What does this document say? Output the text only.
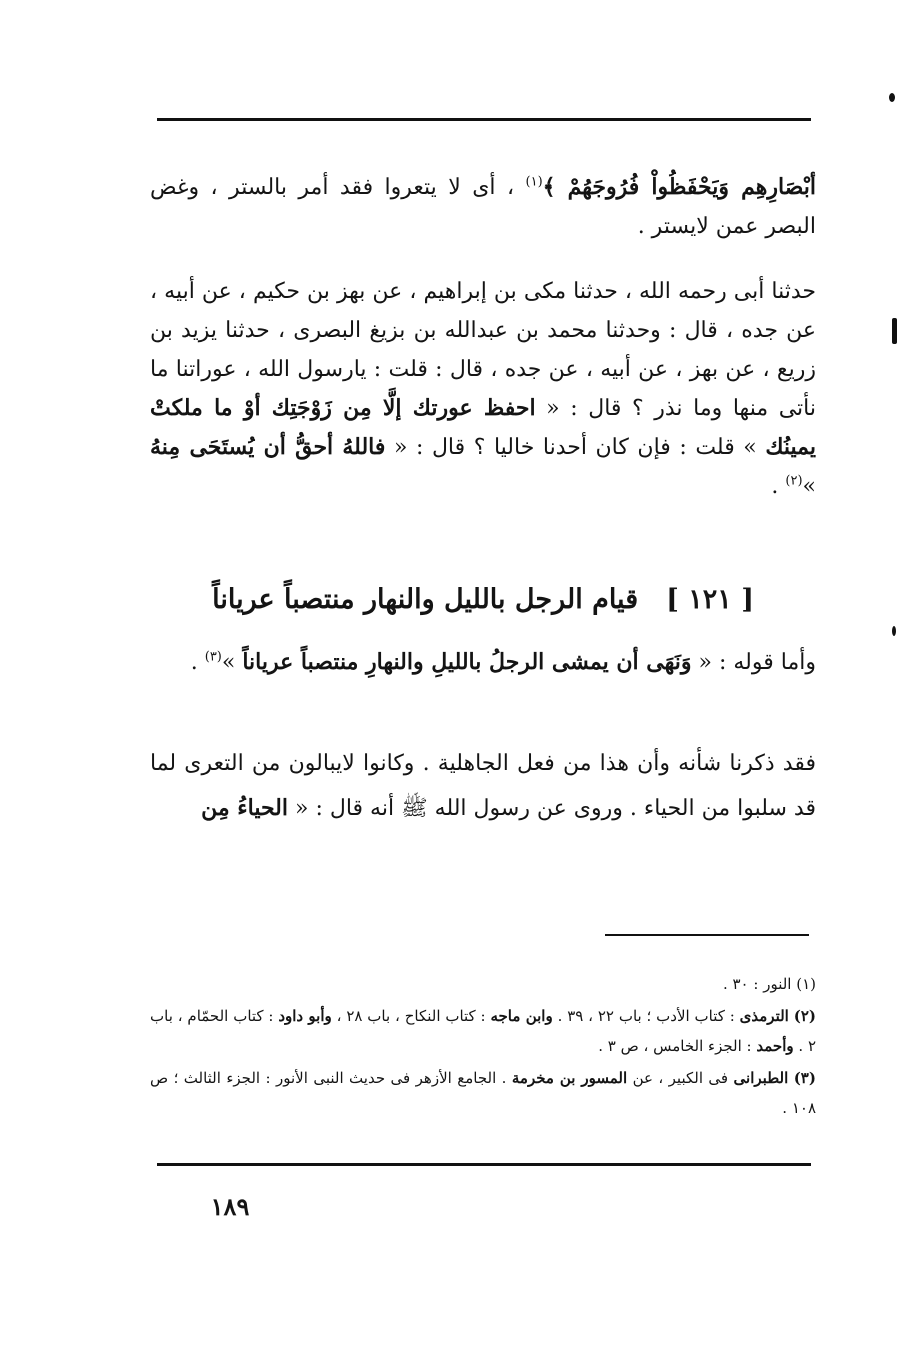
أبْصَارِهِم وَيَحْفَظُواْ فُرُوجَهُمْ ﴾$^{(١)}$ ، أى لا يتعروا فقد أمر بالستر ، وغض البصر عمن لايستر .

حدثنا أبى رحمه الله ، حدثنا مكى بن إبراهيم ، عن بهز بن حكيم ، عن أبيه ، عن جده ، قال : وحدثنا محمد بن عبدالله بن بزيغ البصرى ، حدثنا يزيد بن زريع ، عن بهز ، عن أبيه ، عن جده ، قال : قلت : يارسول الله ، عوراتنا ما نأتى منها وما نذر ؟ قال : « احفظ عورتك إلَّا مِن زَوْجَتِك أوْ ما ملكتْ يمينُك » قلت : فإن كان أحدنا خاليا ؟ قال : « فاللهُ أحقُّ أن يُستَحَى مِنهُ »$^{(٢)}$ .

[ ١٢١ ]قيام الرجل بالليل والنهار منتصباً عرياناً

وأما قوله : « وَنَهَى أن يمشى الرجلُ بالليلِ والنهارِ منتصباً عرياناً »$^{(٣)}$ .

فقد ذكرنا شأنه وأن هذا من فعل الجاهلية . وكانوا لايبالون من التعرى لما قد سلبوا من الحياء . وروى عن رسول الله ﷺ أنه قال : « الحياءُ مِن

(١) النور : ٣٠ .

(٢) الترمذى : كتاب الأدب ؛ باب ٢٢ ، ٣٩ . وابن ماجه : كتاب النكاح ، باب ٢٨ ، وأبو داود : كتاب الحمّام ، باب ٢ . وأحمد : الجزء الخامس ، ص ٣ .

(٣) الطبرانى فى الكبير ، عن المسور بن مخرمة . الجامع الأزهر فى حديث النبى الأنور : الجزء الثالث ؛ ص ١٠٨ .

١٨٩
